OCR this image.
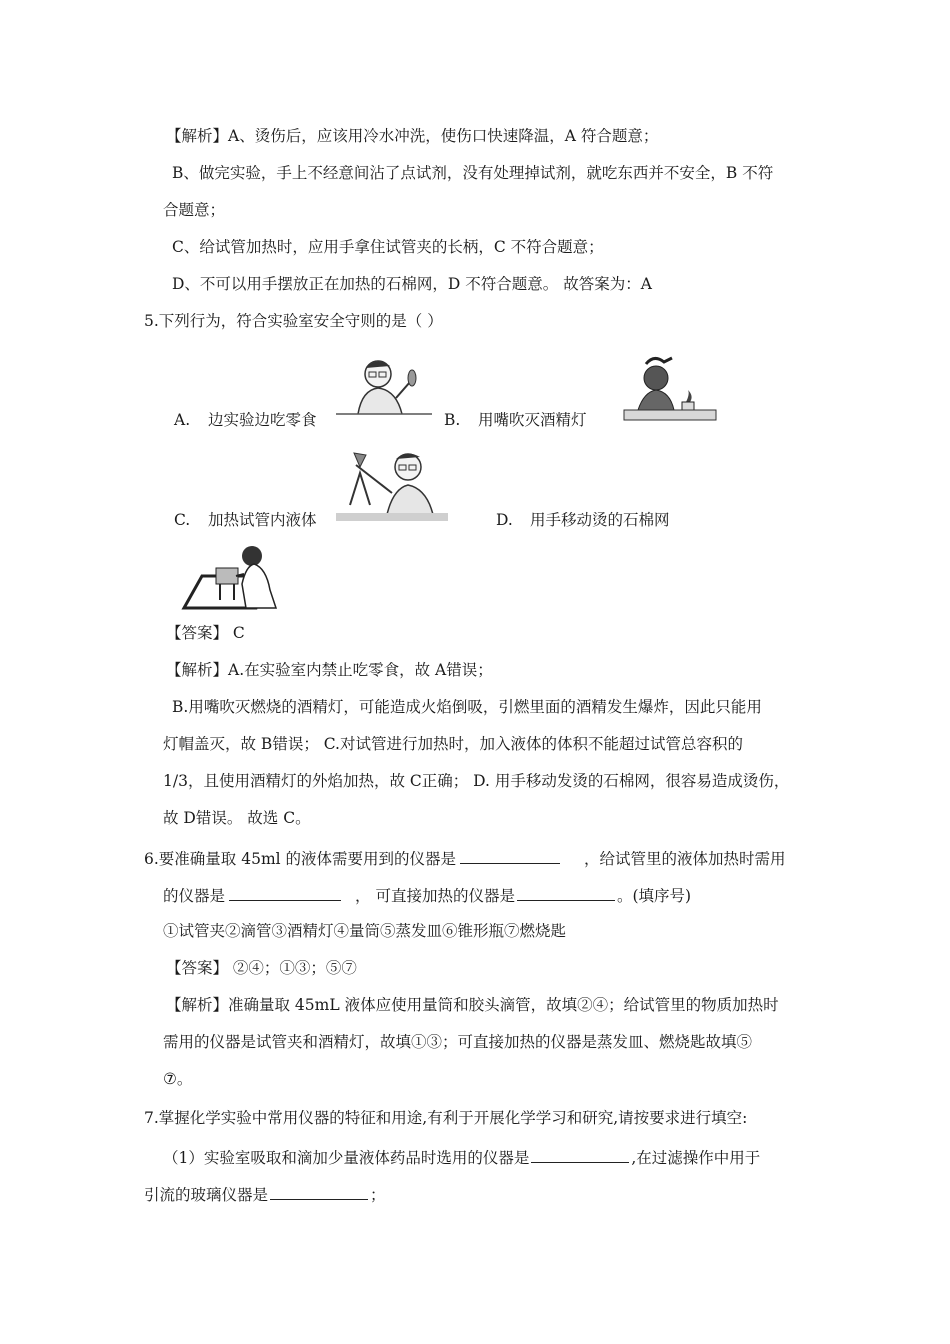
【解析】A、烫伤后，应该用冷水冲洗，使伤口快速降温，A 符合题意；
B、做完实验，手上不经意间沾了点试剂，没有处理掉试剂，就吃东西并不安全，B 不符
合题意；
C、给试管加热时，应用手拿住试管夹的长柄，C 不符合题意；
D、不可以用手摆放正在加热的石棉网，D 不符合题意。 故答案为：A
5.下列行为，符合实验室安全守则的是（ ）
A. 边实验边吃零食	B. 用嘴吹灭酒精灯
C. 加热试管内液体	D. 用手移动烫的石棉网
【答案】 C
【解析】A.在实验室内禁止吃零食，故 A错误；
B.用嘴吹灭燃烧的酒精灯，可能造成火焰倒吸，引燃里面的酒精发生爆炸，因此只能用
灯帽盖灭，故 B错误； C.对试管进行加热时，加入液体的体积不能超过试管总容积的
1/3，且使用酒精灯的外焰加热，故 C正确； D. 用手移动发烫的石棉网，很容易造成烫伤，
故 D错误。 故选 C。
6.要准确量取 45ml 的液体需要用到的仪器是	，给试管里的液体加热时需用
的仪器是	， 可直接加热的仪器是	。(填序号)
①试管夹②滴管③酒精灯④量筒⑤蒸发皿⑥锥形瓶⑦燃烧匙
【答案】 ②④；①③；⑤⑦
【解析】准确量取 45mL 液体应使用量筒和胶头滴管，故填②④；给试管里的物质加热时
需用的仪器是试管夹和酒精灯，故填①③；可直接加热的仪器是蒸发皿、燃烧匙故填⑤
⑦。
7.掌握化学实验中常用仪器的特征和用途,有利于开展化学学习和研究,请按要求进行填空:
（1）实验室吸取和滴加少量液体药品时选用的仪器是	,在过滤操作中用于
引流的玻璃仪器是	；
